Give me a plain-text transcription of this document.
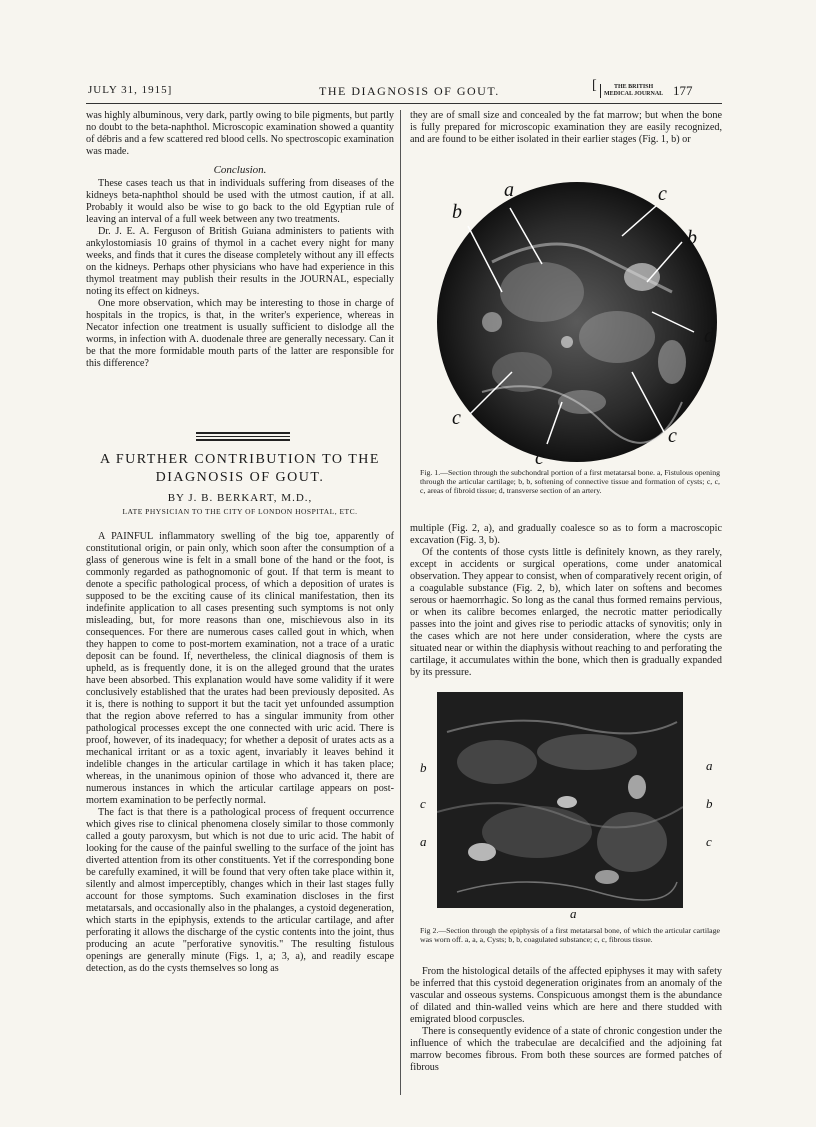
JULY 31, 1915]	THE DIAGNOSIS OF GOUT.	[	THE BRITISH
MEDICAL JOURNAL 177

was highly albuminous, very dark, partly owing to bile pigments, but partly no doubt to the beta-naphthol. Microscopic examination showed a quantity of débris and a few scattered red blood cells. No spectroscopic examination was made.

Conclusion.

These cases teach us that in individuals suffering from diseases of the kidneys beta-naphthol should be used with the utmost caution, if at all. Probably it would also be wise to go back to the old Egyptian rule of leaving an interval of a full week between any two treatments.

Dr. J. E. A. Ferguson of British Guiana administers to patients with ankylostomiasis 10 grains of thymol in a cachet every night for many weeks, and finds that it cures the disease completely without any ill effects on the kidneys. Perhaps other physicians who have had experience in this thymol treatment may publish their results in the JOURNAL, especially noting its effect on kidneys.

One more observation, which may be interesting to those in charge of hospitals in the tropics, is that, in the writer's experience, whereas in Necator infection one treatment is usually sufficient to dislodge all the worms, in infection with A. duodenale three are generally necessary. Can it be that the more formidable mouth parts of the latter are responsible for this difference?

A FURTHER CONTRIBUTION TO THE
DIAGNOSIS OF GOUT.
BY J. B. BERKART, M.D.,
LATE PHYSICIAN TO THE CITY OF LONDON HOSPITAL, ETC.

A PAINFUL inflammatory swelling of the big toe, apparently of constitutional origin, or pain only, which soon after the consumption of a glass of generous wine is felt in a small bone of the hand or the foot, is commonly regarded as pathognomonic of gout. If that term is meant to denote a specific pathological process, of which a deposition of urates is supposed to be the exciting cause of its clinical manifestation, then its indefinite application to all cases presenting such symptoms is not only misleading, but, for more reasons than one, mischievous also in its consequences. For there are numerous cases called gout in which, when they happen to come to post-mortem examination, not a trace of a uratic deposit can be found. If, nevertheless, the clinical diagnosis of them is upheld, as is frequently done, it is on the alleged ground that the urates have been absorbed. This explanation would have some validity if it were conclusively established that the urates had been previously deposited. As it is, there is nothing to support it but the tacit yet unfounded assumption that the region above referred to has a singular immunity from other pathological processes except the one connected with uric acid. There is proof, however, of its inadequacy; for whether a deposit of urates acts as a mechanical irritant or as a toxic agent, invariably it leaves behind it indelible changes in the articular cartilage in which it has taken place; whereas, in the unanimous opinion of those who advanced it, there are numerous instances in which the articular cartilage appears on post-mortem examination to be perfectly normal.

The fact is that there is a pathological process of frequent occurrence which gives rise to clinical phenomena closely similar to those commonly called a gouty paroxysm, but which is not due to uric acid. The habit of looking for the cause of the painful swelling to the surface of the joint has diverted attention from its other constituents. Yet if the corresponding bone be carefully examined, it will be found that very often take place within it, silently and almost imperceptibly, changes which in their last stages fully account for those symptoms. Such examination discloses in the first metatarsals, and occasionally also in the phalanges, a cystoid degeneration, which starts in the epiphysis, extends to the articular cartilage, and after perforating it allows the discharge of the cystic contents into the joint, thus producing an acute "perforative synovitis." The resulting fistulous openings are generally minute (Figs. 1, a; 3, a), and readily escape detection, as do the cysts themselves so long as

they are of small size and concealed by the fat marrow; but when the bone is fully prepared for microscopic examination they are easily recognized, and are found to be either isolated in their earlier stages (Fig. 1, b) or

a
b
c
b
d
c
c
c
Fig. 1.—Section through the subchondral portion of a first metatarsal bone. a, Fistulous opening through the articular cartilage; b, b, softening of connective tissue and formation of cysts; c, c, c, areas of fibroid tissue; d, transverse section of an artery.

multiple (Fig. 2, a), and gradually coalesce so as to form a macroscopic excavation (Fig. 3, b).

Of the contents of those cysts little is definitely known, as they rarely, except in accidents or surgical operations, come under anatomical observation. They appear to consist, when of comparatively recent origin, of a coagulable substance (Fig. 2, b), which later on softens and becomes serous or haemorrhagic. So long as the canal thus formed remains pervious, or when its calibre becomes enlarged, the necrotic matter periodically passes into the joint and gives rise to periodic attacks of synovitis; only in the cases which are not here under consideration, where the cysts are situated near or within the diaphysis without reaching to and perforating the cartilage, it accumulates within the bone, which then is gradually expanded by its pressure.

b
c
a
a
b
c
a
Fig 2.—Section through the epiphysis of a first metatarsal bone, of which the articular cartilage was worn off. a, a, a, Cysts; b, b, coagulated substance; c, c, fibrous tissue.

From the histological details of the affected epiphyses it may with safety be inferred that this cystoid degeneration originates from an anomaly of the vascular and osseous systems. Conspicuous amongst them is the abundance of dilated and thin-walled veins which are here and there studded with emigrated blood corpuscles.

There is consequently evidence of a state of chronic congestion under the influence of which the trabeculae are decalcified and the adjoining fat marrow becomes fibrous. From both these sources are formed patches of fibrous
